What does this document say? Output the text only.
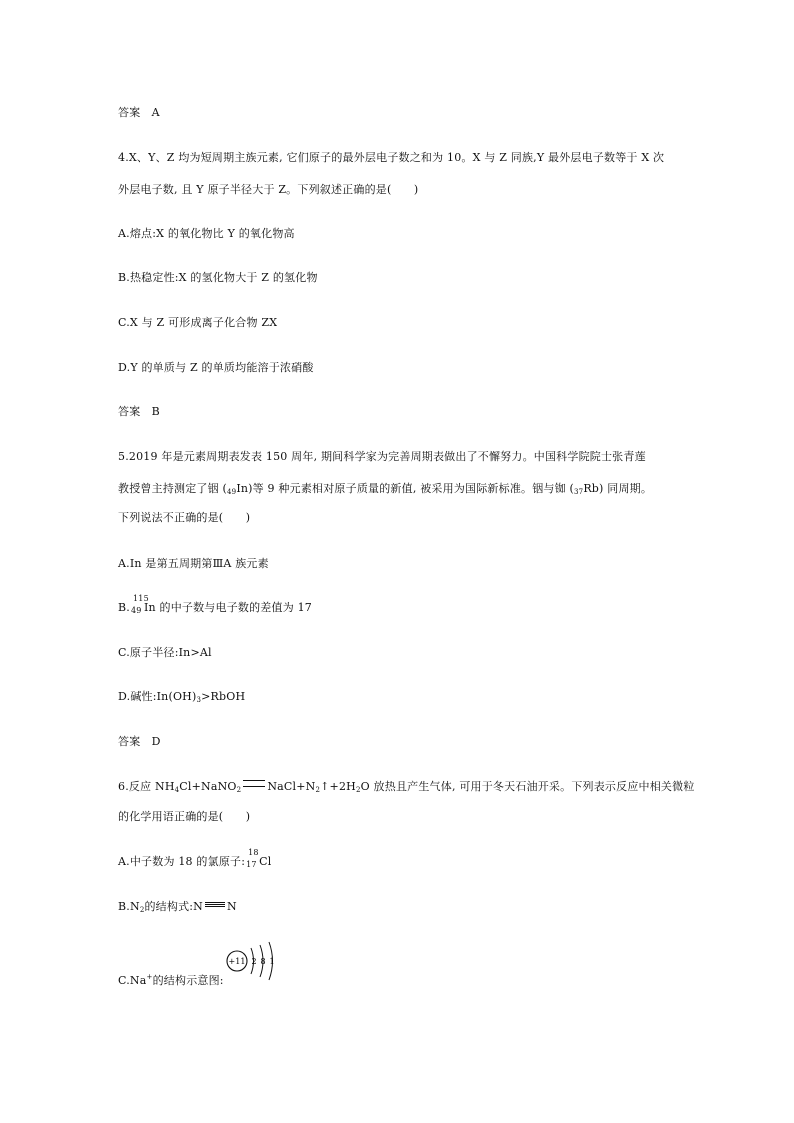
答案　A
4.X、Y、Z 均为短周期主族元素, 它们原子的最外层电子数之和为 10。X 与 Z 同族,Y 最外层电子数等于 X 次
外层电子数, 且 Y 原子半径大于 Z。下列叙述正确的是(　　)
A.熔点:X 的氧化物比 Y 的氧化物高
B.热稳定性:X 的氢化物大于 Z 的氢化物
C.X 与 Z 可形成离子化合物 ZX
D.Y 的单质与 Z 的单质均能溶于浓硝酸
答案　B
5.2019 年是元素周期表发表 150 周年, 期间科学家为完善周期表做出了不懈努力。中国科学院院士张青莲
教授曾主持测定了铟 $(_{49}In)$等 9 种元素相对原子质量的新值, 被采用为国际新标准。铟与铷 $(_{37}Rb)$ 同周期。
下列说法不正确的是(　　)
A.In 是第五周期第ⅢA 族元素
B.
115
49 In 的中子数与电子数的差值为 17
C.原子半径:In>Al
D.碱性$:In(OH)_3>RbOH$
答案　D
6.反应 $NH_4Cl+NaNO_2$ $NaCl+N_2↑+2H_2O$ 放热且产生气体, 可用于冬天石油开采。下列表示反应中相关微粒
的化学用语正确的是(　　)
A.中子数为 18 的氯原子:
18
17 Cl
$B.N_2$的结构式:N N
C.Na+的结构示意图:
+11 2 8 1
